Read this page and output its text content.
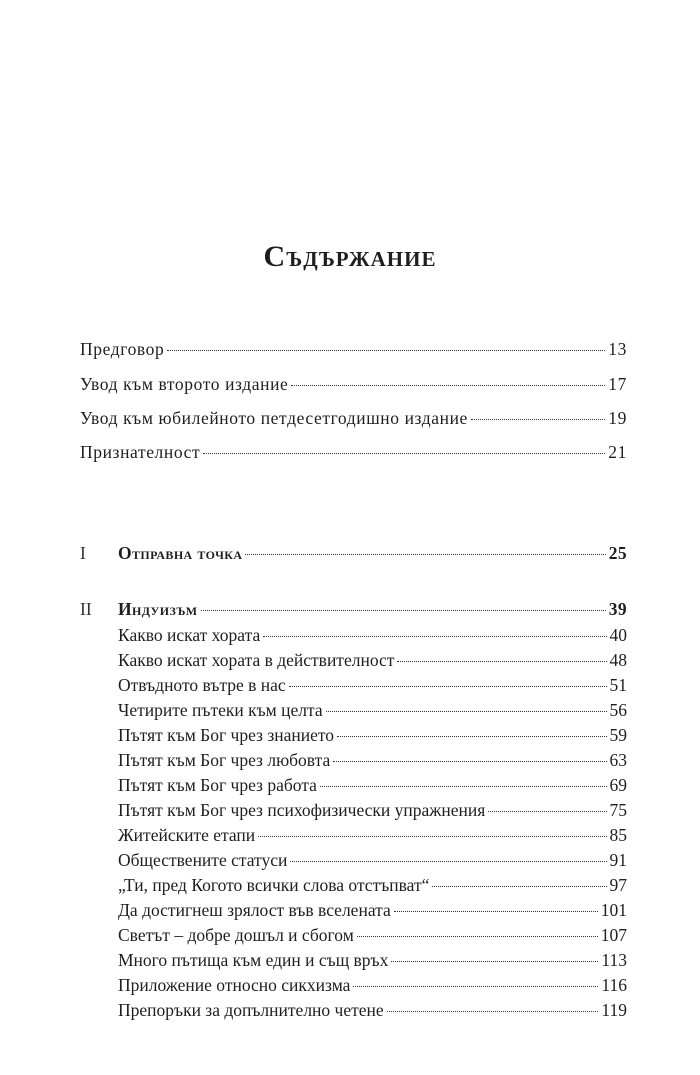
Съдържание
Предговор	13
Увод към второто издание	17
Увод към юбилейното петдесетгодишно издание	19
Признателност	21
I Отправна точка	25
II Индуизъм	39
Какво искат хората	40
Какво искат хората в действителност	48
Отвъдното вътре в нас	51
Четирите пътеки към целта	56
Пътят към Бог чрез знанието	59
Пътят към Бог чрез любовта	63
Пътят към Бог чрез работа	69
Пътят към Бог чрез психофизически упражнения	75
Житейските етапи	85
Обществените статуси	91
„Ти, пред Когото всички слова отстъпват“	97
Да достигнеш зрялост във вселената	101
Светът – добре дошъл и сбогом	107
Много пътища към един и същ връх	113
Приложение относно сикхизма	116
Препоръки за допълнително четене	119
